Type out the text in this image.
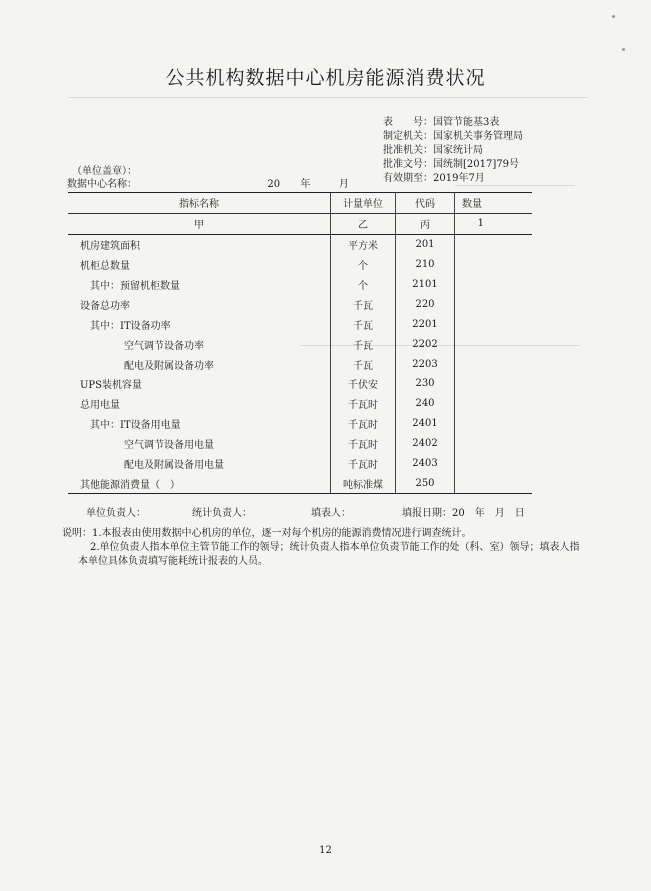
公共机构数据中心机房能源消费状况
表　　号：国管节能基3表
制定机关：国家机关事务管理局
批准机关：国家统计局
批准文号：国统制[2017]79号
有效期至：2019年7月
（单位盖章）：
数据中心名称：	20 年	月
指标名称	计量单位	代码	数量
甲	乙	丙	1
机房建筑面积	平方米	201	
机柜总数量	个	210	
其中：预留机柜数量	个	2101	
设备总功率	千瓦	220	
其中：IT设备功率	千瓦	2201	
空气调节设备功率	千瓦	2202	
配电及附属设备功率	千瓦	2203	
UPS装机容量	千伏安	230	
总用电量	千瓦时	240	
其中：IT设备用电量	千瓦时	2401	
空气调节设备用电量	千瓦时	2402	
配电及附属设备用电量	千瓦时	2403	
其他能源消费量（　）	吨标准煤	250	
单位负责人：	统计负责人：	填表人：	填报日期：20　年　月　日
说明：1.本报表由使用数据中心机房的单位，逐一对每个机房的能源消费情况进行调查统计。
2.单位负责人指本单位主管节能工作的领导；统计负责人指本单位负责节能工作的处（科、室）领导；填表人指
本单位具体负责填写能耗统计报表的人员。
12
